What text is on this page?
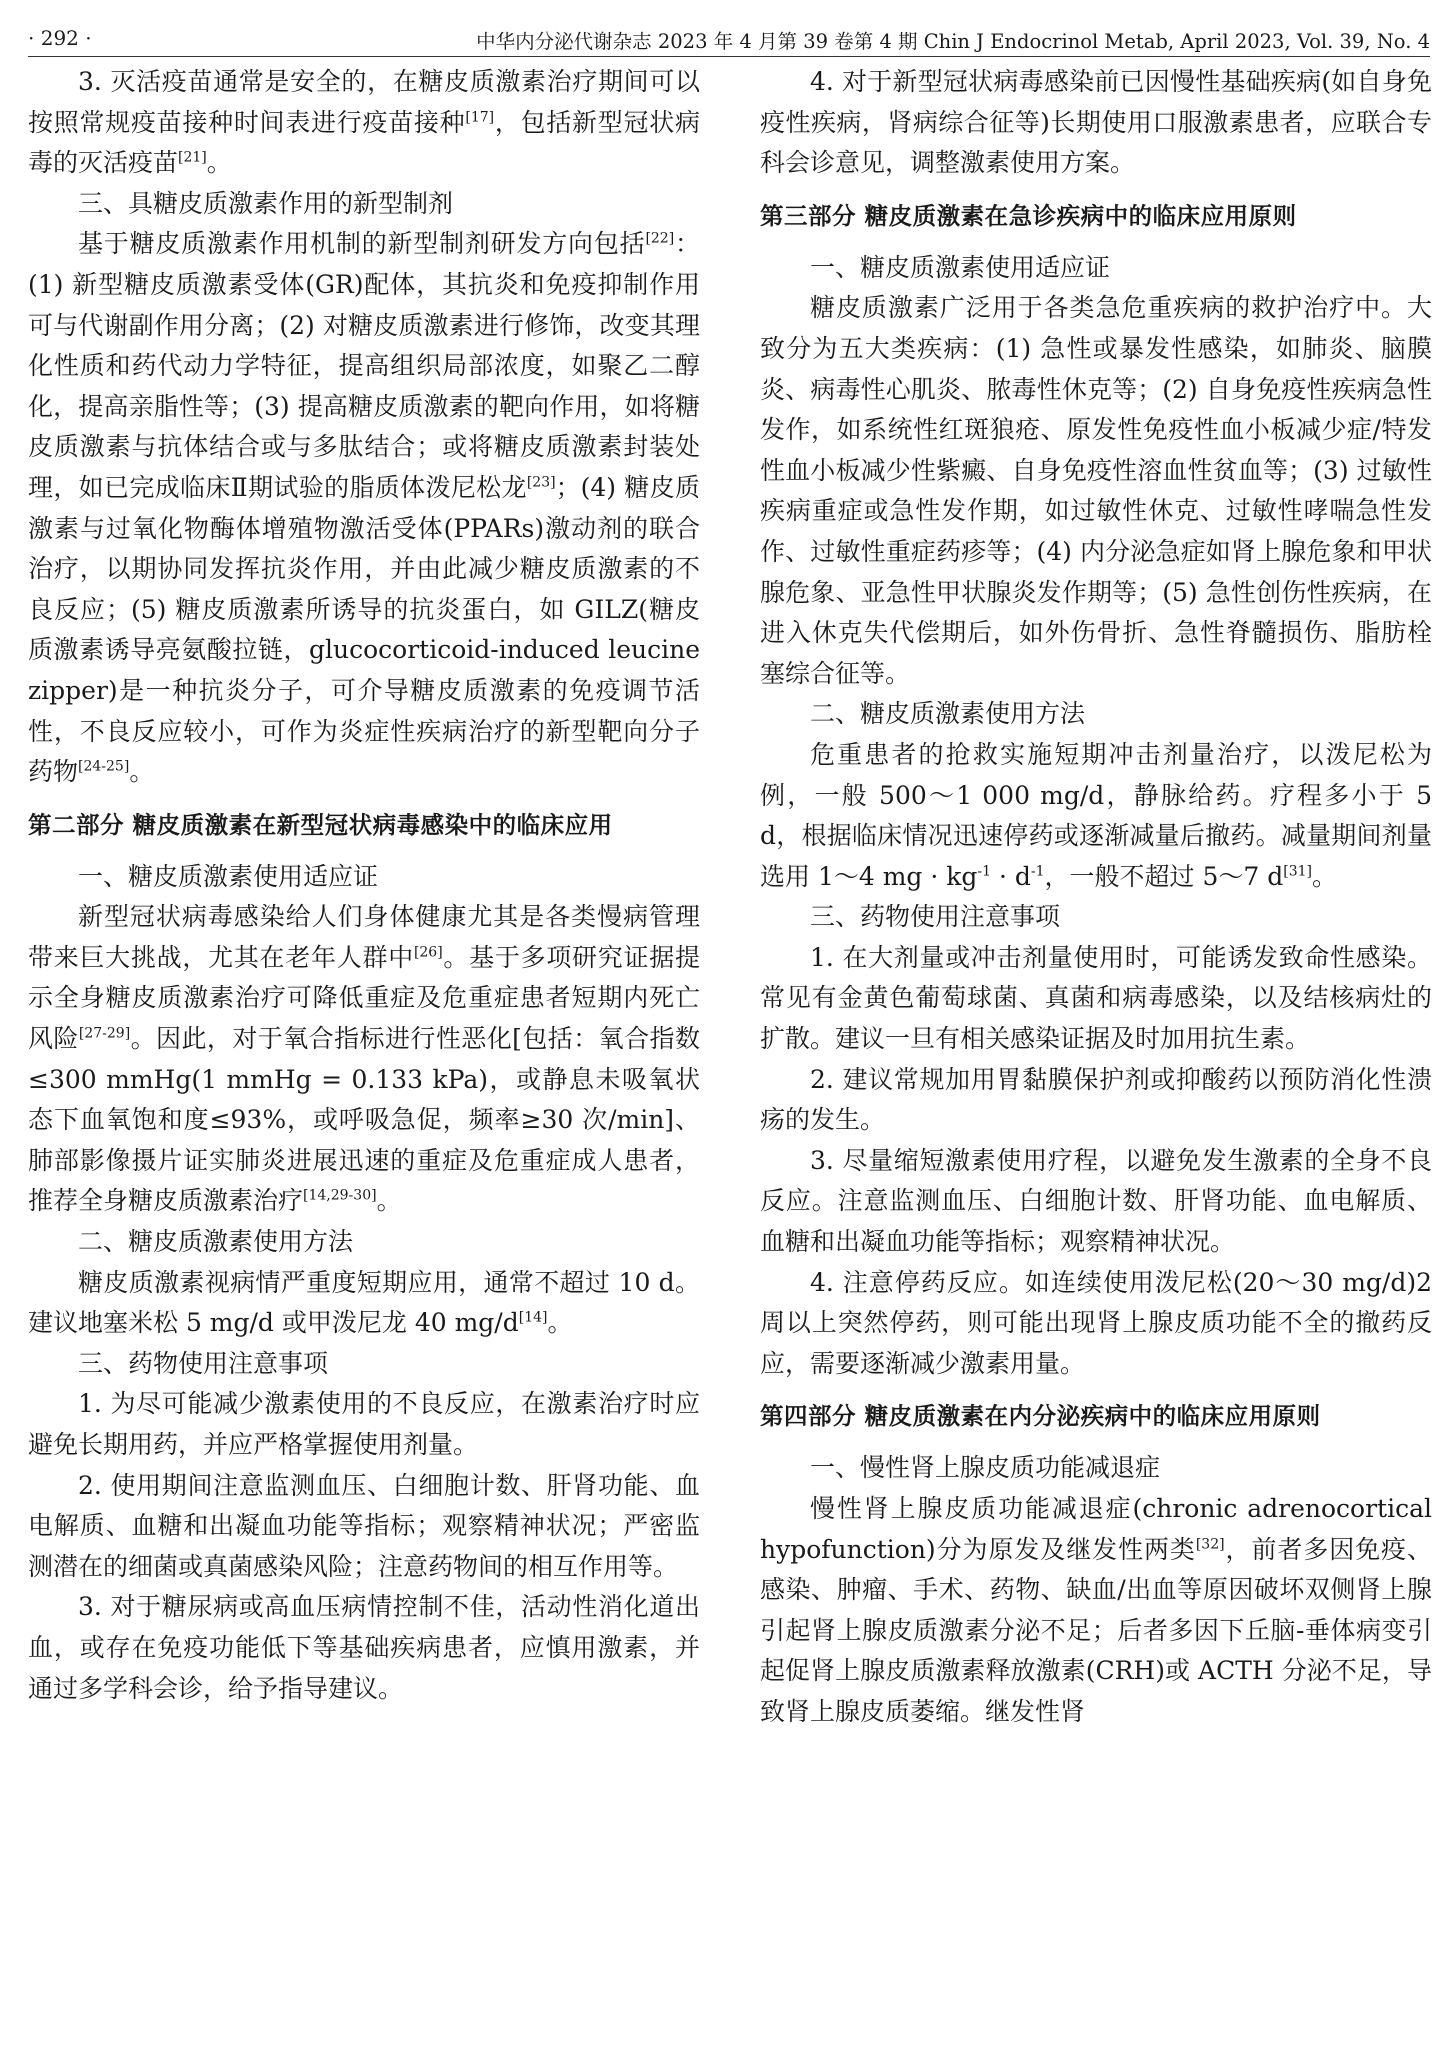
· 292 ·	中华内分泌代谢杂志 2023 年 4 月第 39 卷第 4 期 Chin J Endocrinol Metab, April 2023, Vol. 39, No. 4

3. 灭活疫苗通常是安全的，在糖皮质激素治疗期间可以按照常规疫苗接种时间表进行疫苗接种[17]，包括新型冠状病毒的灭活疫苗[21]。

三、具糖皮质激素作用的新型制剂

基于糖皮质激素作用机制的新型制剂研发方向包括[22]：(1) 新型糖皮质激素受体(GR)配体，其抗炎和免疫抑制作用可与代谢副作用分离；(2) 对糖皮质激素进行修饰，改变其理化性质和药代动力学特征，提高组织局部浓度，如聚乙二醇化，提高亲脂性等；(3) 提高糖皮质激素的靶向作用，如将糖皮质激素与抗体结合或与多肽结合；或将糖皮质激素封装处理，如已完成临床Ⅱ期试验的脂质体泼尼松龙[23]；(4) 糖皮质激素与过氧化物酶体增殖物激活受体(PPARs)激动剂的联合治疗，以期协同发挥抗炎作用，并由此减少糖皮质激素的不良反应；(5) 糖皮质激素所诱导的抗炎蛋白，如 GILZ(糖皮质激素诱导亮氨酸拉链，glucocorticoid-induced leucine zipper)是一种抗炎分子，可介导糖皮质激素的免疫调节活性，不良反应较小，可作为炎症性疾病治疗的新型靶向分子药物[24-25]。

第二部分 糖皮质激素在新型冠状病毒感染中的临床应用

一、糖皮质激素使用适应证

新型冠状病毒感染给人们身体健康尤其是各类慢病管理带来巨大挑战，尤其在老年人群中[26]。基于多项研究证据提示全身糖皮质激素治疗可降低重症及危重症患者短期内死亡风险[27-29]。因此，对于氧合指标进行性恶化[包括：氧合指数≤300 mmHg(1 mmHg = 0.133 kPa)，或静息未吸氧状态下血氧饱和度≤93%，或呼吸急促，频率≥30 次/min]、肺部影像摄片证实肺炎进展迅速的重症及危重症成人患者，推荐全身糖皮质激素治疗[14,29-30]。

二、糖皮质激素使用方法

糖皮质激素视病情严重度短期应用，通常不超过 10 d。建议地塞米松 5 mg/d 或甲泼尼龙 40 mg/d[14]。

三、药物使用注意事项

1. 为尽可能减少激素使用的不良反应，在激素治疗时应避免长期用药，并应严格掌握使用剂量。

2. 使用期间注意监测血压、白细胞计数、肝肾功能、血电解质、血糖和出凝血功能等指标；观察精神状况；严密监测潜在的细菌或真菌感染风险；注意药物间的相互作用等。

3. 对于糖尿病或高血压病情控制不佳，活动性消化道出血，或存在免疫功能低下等基础疾病患者，应慎用激素，并通过多学科会诊，给予指导建议。

4. 对于新型冠状病毒感染前已因慢性基础疾病(如自身免疫性疾病，肾病综合征等)长期使用口服激素患者，应联合专科会诊意见，调整激素使用方案。

第三部分 糖皮质激素在急诊疾病中的临床应用原则

一、糖皮质激素使用适应证

糖皮质激素广泛用于各类急危重疾病的救护治疗中。大致分为五大类疾病：(1) 急性或暴发性感染，如肺炎、脑膜炎、病毒性心肌炎、脓毒性休克等；(2) 自身免疫性疾病急性发作，如系统性红斑狼疮、原发性免疫性血小板减少症/特发性血小板减少性紫癜、自身免疫性溶血性贫血等；(3) 过敏性疾病重症或急性发作期，如过敏性休克、过敏性哮喘急性发作、过敏性重症药疹等；(4) 内分泌急症如肾上腺危象和甲状腺危象、亚急性甲状腺炎发作期等；(5) 急性创伤性疾病，在进入休克失代偿期后，如外伤骨折、急性脊髓损伤、脂肪栓塞综合征等。

二、糖皮质激素使用方法

危重患者的抢救实施短期冲击剂量治疗，以泼尼松为例，一般 500～1 000 mg/d，静脉给药。疗程多小于 5 d，根据临床情况迅速停药或逐渐减量后撤药。减量期间剂量选用 1～4 mg · $kg^{-1} \cdot d^{-1}$，一般不超过 5～7 d[31]。

三、药物使用注意事项

1. 在大剂量或冲击剂量使用时，可能诱发致命性感染。常见有金黄色葡萄球菌、真菌和病毒感染，以及结核病灶的扩散。建议一旦有相关感染证据及时加用抗生素。

2. 建议常规加用胃黏膜保护剂或抑酸药以预防消化性溃疡的发生。

3. 尽量缩短激素使用疗程，以避免发生激素的全身不良反应。注意监测血压、白细胞计数、肝肾功能、血电解质、血糖和出凝血功能等指标；观察精神状况。

4. 注意停药反应。如连续使用泼尼松(20～30 mg/d)2 周以上突然停药，则可能出现肾上腺皮质功能不全的撤药反应，需要逐渐减少激素用量。

第四部分 糖皮质激素在内分泌疾病中的临床应用原则

一、慢性肾上腺皮质功能减退症

慢性肾上腺皮质功能减退症(chronic adrenocortical hypofunction)分为原发及继发性两类[32]，前者多因免疫、感染、肿瘤、手术、药物、缺血/出血等原因破坏双侧肾上腺引起肾上腺皮质激素分泌不足；后者多因下丘脑-垂体病变引起促肾上腺皮质激素释放激素(CRH)或 ACTH 分泌不足，导致肾上腺皮质萎缩。继发性肾
